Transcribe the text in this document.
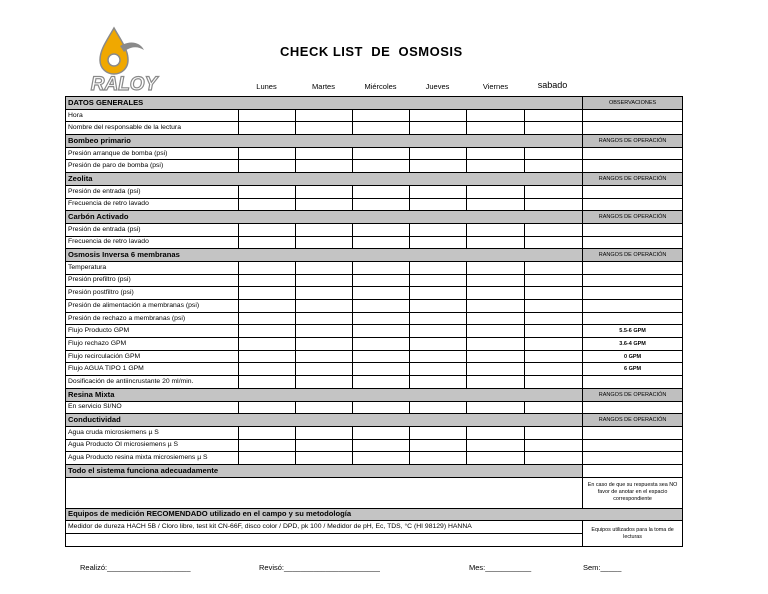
RALOY
CHECK LIST  DE  OSMOSIS
Lunes	Martes	Miércoles	Jueves	Viernes	sabado
DATOS GENERALES							OBSERVACIONES
Hora							
Nombre del responsable de la lectura							
Bombeo primario							RANGOS DE OPERACIÓN
Presión arranque de bomba (psi)							
Presión de paro de bomba (psi)							
Zeolita							RANGOS DE OPERACIÓN
Presión de entrada (psi)							
Frecuencia de retro lavado							
Carbón Activado							RANGOS DE OPERACIÓN
Presión de entrada (psi)							
Frecuencia de retro lavado							
Osmosis Inversa 6 membranas							RANGOS DE OPERACIÓN
Temperatura							
Presión prefiltro (psi)							
Presión postfiltro (psi)							
Presión de alimentación a membranas (psi)							
Presión de rechazo a membranas (psi)							
Flujo Producto GPM							5.5-6 GPM
Flujo rechazo GPM							3.6-4 GPM
Flujo recirculación GPM							0 GPM
Flujo AGUA TIPO 1 GPM							6 GPM
Dosificación de antiincrustante 20 ml/min.							
Resina Mixta							RANGOS DE OPERACIÓN
En servicio SI/NO							
Conductividad							RANGOS DE OPERACIÓN
Agua cruda microsiemens µ S							
Agua Producto OI microsiemens µ S							
Agua Producto resina mixta microsiemens µ S							
Todo el sistema funciona adecuadamente							
							En caso de que su respuesta sea NO favor de anotar en el espacio correspondiente
Equipos de medición RECOMENDADO utilizado en el campo y su metodología							
Medidor de dureza HACH 5B / Cloro libre, test kit CN-66F, disco color / DPD, pk 100 / Medidor de pH, Ec, TDS, °C (HI 98129) HANNA							Equipos utilizados para la toma de lecturas

Realizó:____________________	Revisó:_______________________	Mes:___________	Sem:_____
